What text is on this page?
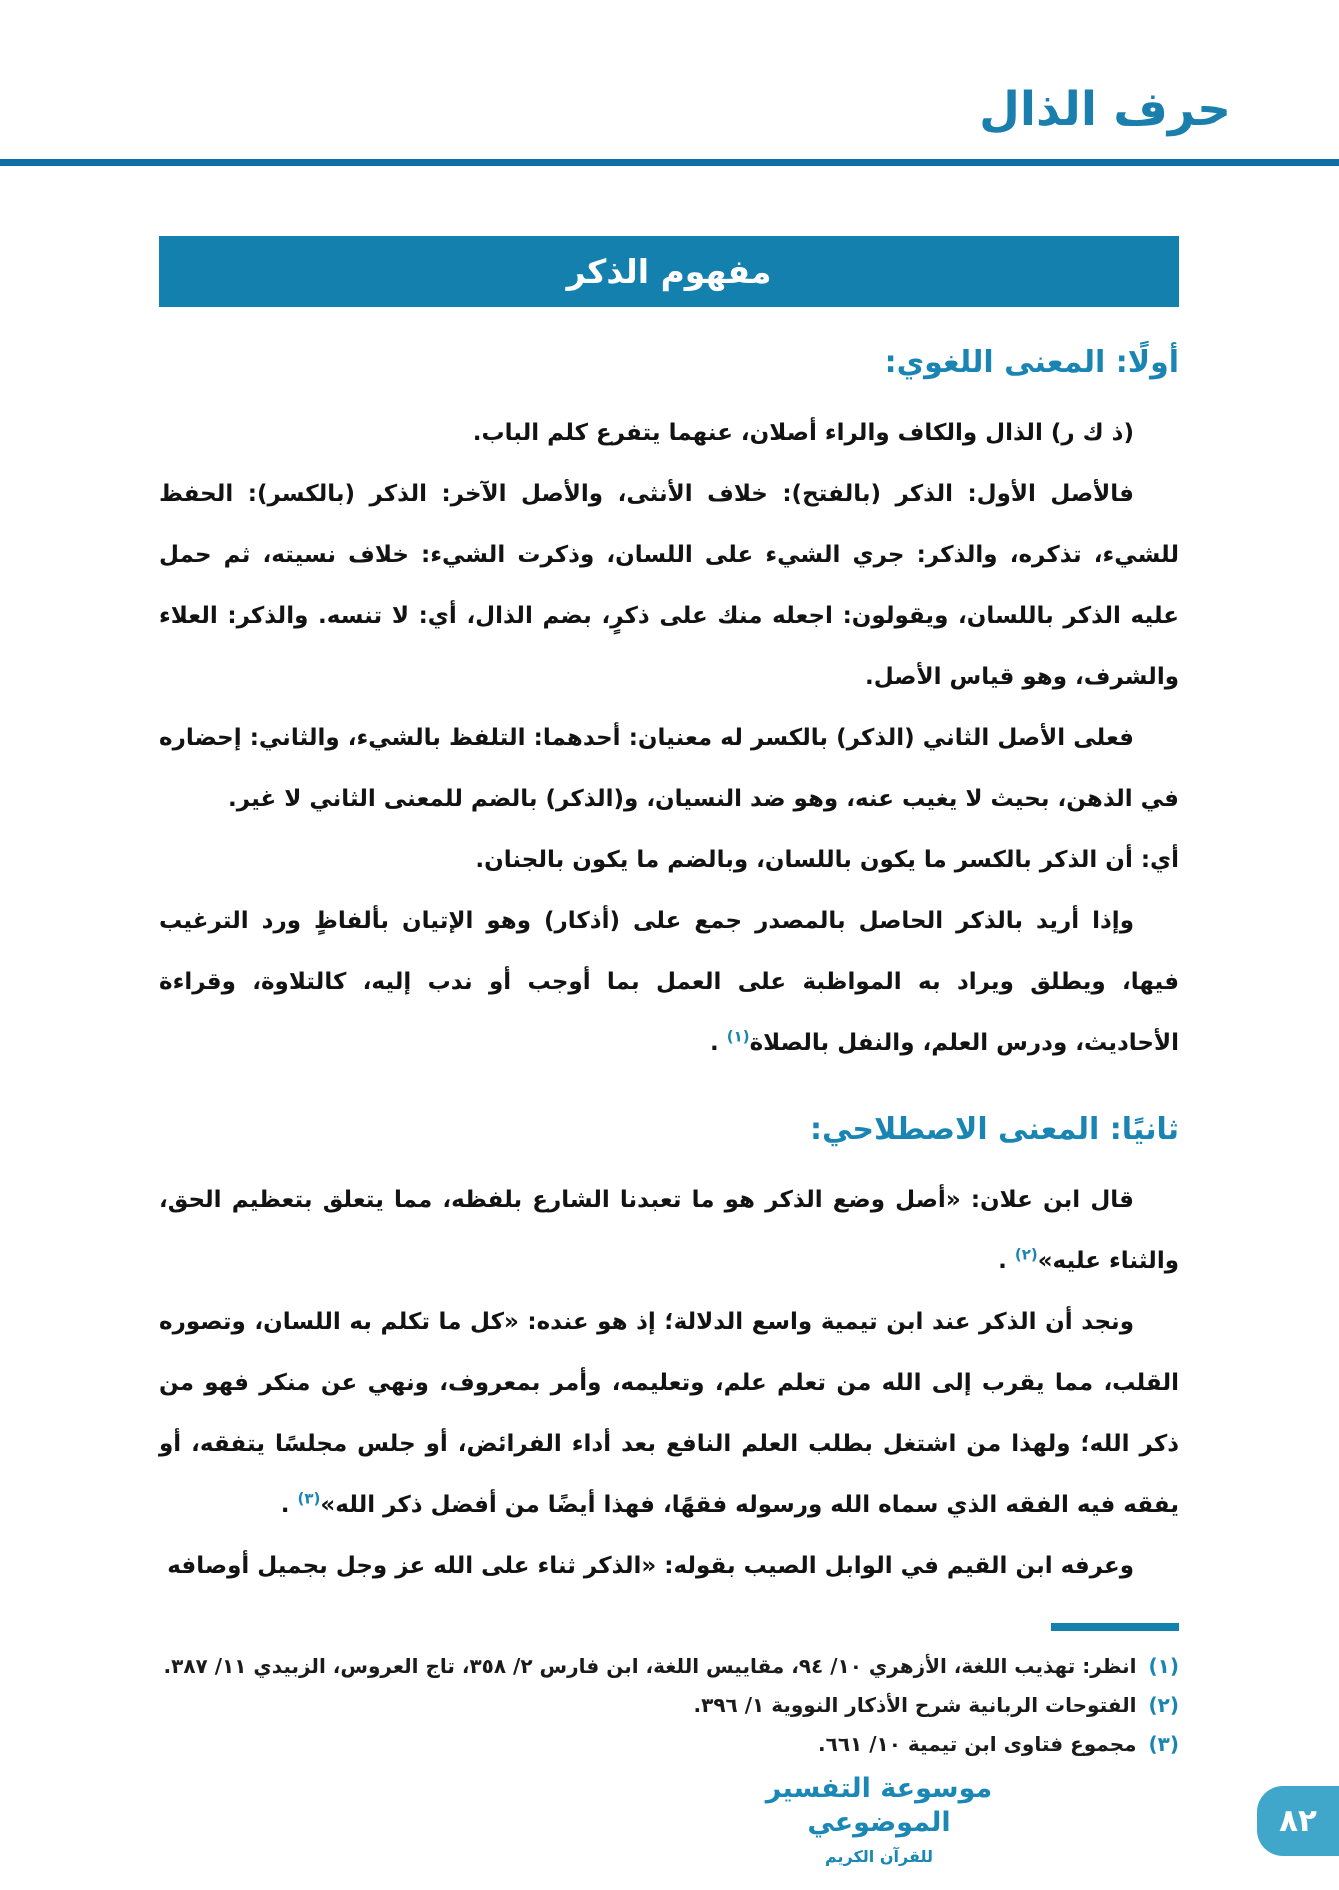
حرف الذال
مفهوم الذكر
أولًا: المعنى اللغوي:

(ذ ك ر) الذال والكاف والراء أصلان، عنهما يتفرع كلم الباب.

فالأصل الأول: الذكر (بالفتح): خلاف الأنثى، والأصل الآخر: الذكر (بالكسر): الحفظ للشيء، تذكره، والذكر: جري الشيء على اللسان، وذكرت الشيء: خلاف نسيته، ثم حمل عليه الذكر باللسان، ويقولون: اجعله منك على ذكرٍ، بضم الذال، أي: لا تنسه. والذكر: العلاء والشرف، وهو قياس الأصل.

فعلى الأصل الثاني (الذكر) بالكسر له معنيان: أحدهما: التلفظ بالشيء، والثاني: إحضاره في الذهن، بحيث لا يغيب عنه، وهو ضد النسيان، و(الذكر) بالضم للمعنى الثاني لا غير.

أي: أن الذكر بالكسر ما يكون باللسان، وبالضم ما يكون بالجنان.

وإذا أريد بالذكر الحاصل بالمصدر جمع على (أذكار) وهو الإتيان بألفاظٍ ورد الترغيب فيها، ويطلق ويراد به المواظبة على العمل بما أوجب أو ندب إليه، كالتلاوة، وقراءة الأحاديث، ودرس العلم، والنفل بالصلاة$^{(١)}$ .

ثانيًا: المعنى الاصطلاحي:

قال ابن علان: «أصل وضع الذكر هو ما تعبدنا الشارع بلفظه، مما يتعلق بتعظيم الحق، والثناء عليه»$^{(٢)}$ .

ونجد أن الذكر عند ابن تيمية واسع الدلالة؛ إذ هو عنده: «كل ما تكلم به اللسان، وتصوره القلب، مما يقرب إلى الله من تعلم علم، وتعليمه، وأمر بمعروف، ونهي عن منكر فهو من ذكر الله؛ ولهذا من اشتغل بطلب العلم النافع بعد أداء الفرائض، أو جلس مجلسًا يتفقه، أو يفقه فيه الفقه الذي سماه الله ورسوله فقهًا، فهذا أيضًا من أفضل ذكر الله»$^{(٣)}$ .

وعرفه ابن القيم في الوابل الصيب بقوله: «الذكر ثناء على الله عز وجل بجميل أوصافه

(١)
انظر: تهذيب اللغة، الأزهري ١٠/ ٩٤، مقاييس اللغة، ابن فارس ٢/ ٣٥٨، تاج العروس، الزبيدي ١١/ ٣٨٧.
(٢)
الفتوحات الربانية شرح الأذكار النووية ١/ ٣٩٦.
(٣)
مجموع فتاوى ابن تيمية ١٠/ ٦٦١.
موسوعة التفسير الموضوعي
للقرآن الكريم
٨٢
